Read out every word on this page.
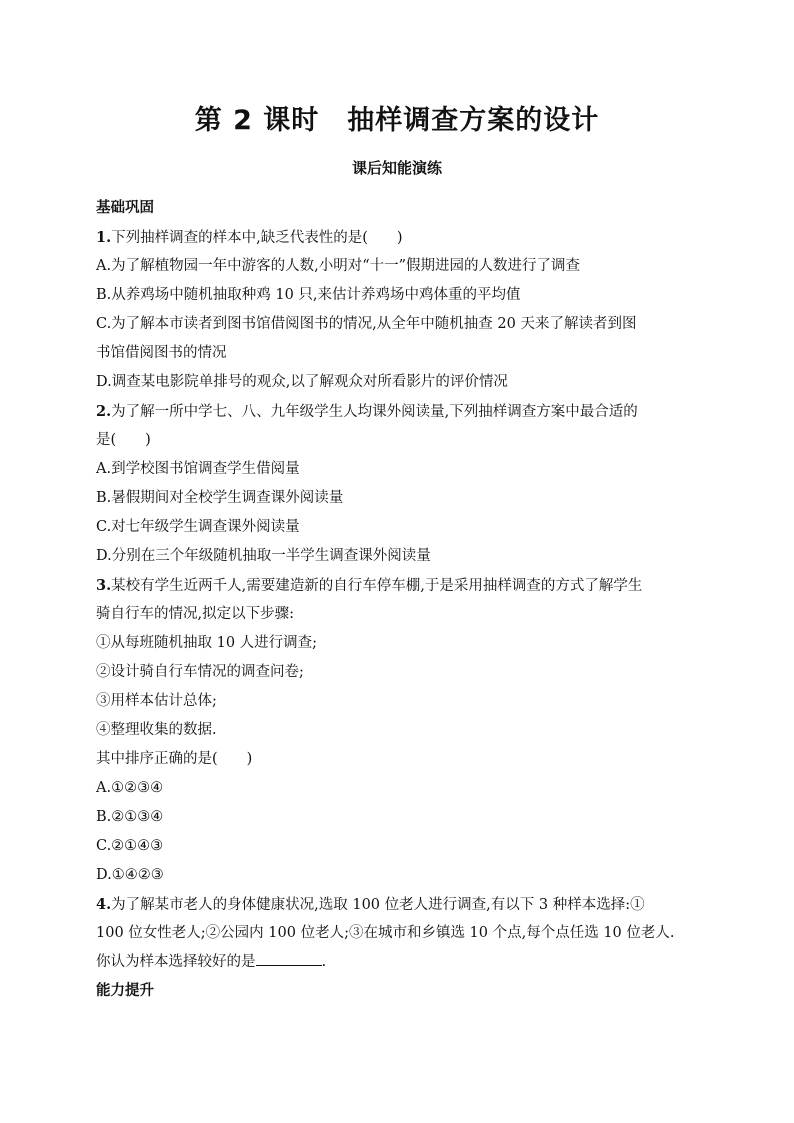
第 2 课时　抽样调查方案的设计
课后知能演练
基础巩固
1.下列抽样调查的样本中,缺乏代表性的是(　　)
A.为了解植物园一年中游客的人数,小明对“十一”假期进园的人数进行了调查
B.从养鸡场中随机抽取种鸡 10 只,来估计养鸡场中鸡体重的平均值
C.为了解本市读者到图书馆借阅图书的情况,从全年中随机抽查 20 天来了解读者到图
书馆借阅图书的情况
D.调查某电影院单排号的观众,以了解观众对所看影片的评价情况
2.为了解一所中学七、八、九年级学生人均课外阅读量,下列抽样调查方案中最合适的
是(　　)
A.到学校图书馆调查学生借阅量
B.暑假期间对全校学生调查课外阅读量
C.对七年级学生调查课外阅读量
D.分别在三个年级随机抽取一半学生调查课外阅读量
3.某校有学生近两千人,需要建造新的自行车停车棚,于是采用抽样调查的方式了解学生
骑自行车的情况,拟定以下步骤:
①从每班随机抽取 10 人进行调查;
②设计骑自行车情况的调查问卷;
③用样本估计总体;
④整理收集的数据.
其中排序正确的是(　　)
A.①②③④
B.②①③④
C.②①④③
D.①④②③
4.为了解某市老人的身体健康状况,选取 100 位老人进行调查,有以下 3 种样本选择:①
100 位女性老人;②公园内 100 位老人;③在城市和乡镇选 10 个点,每个点任选 10 位老人.
你认为样本选择较好的是	.
能力提升
